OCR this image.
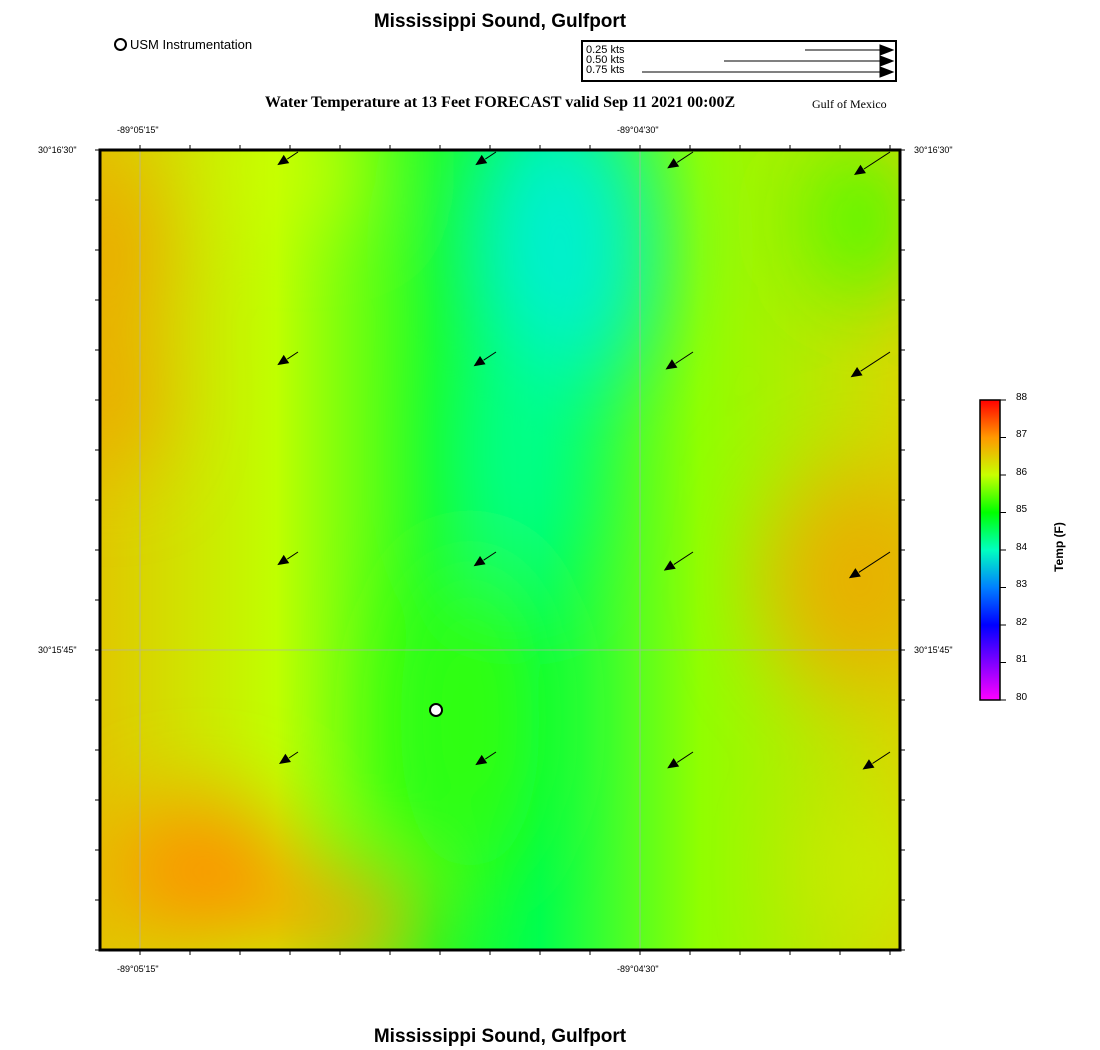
Mississippi Sound, Gulfport
Water Temperature at 13 Feet FORECAST valid Sep 11 2021 00:00Z	Gulf of Mexico
Mississippi Sound, Gulfport
USM Instrumentation	0.25 kts
0.50 kts
0.75 kts
-89°05'15"	-89°04'30"
-89°05'15"	-89°04'30"
30°16'30"
30°15'45"
30°16'30"
30°15'45"
88
87
86
85
84
83
82
81
80
Temp (F)
